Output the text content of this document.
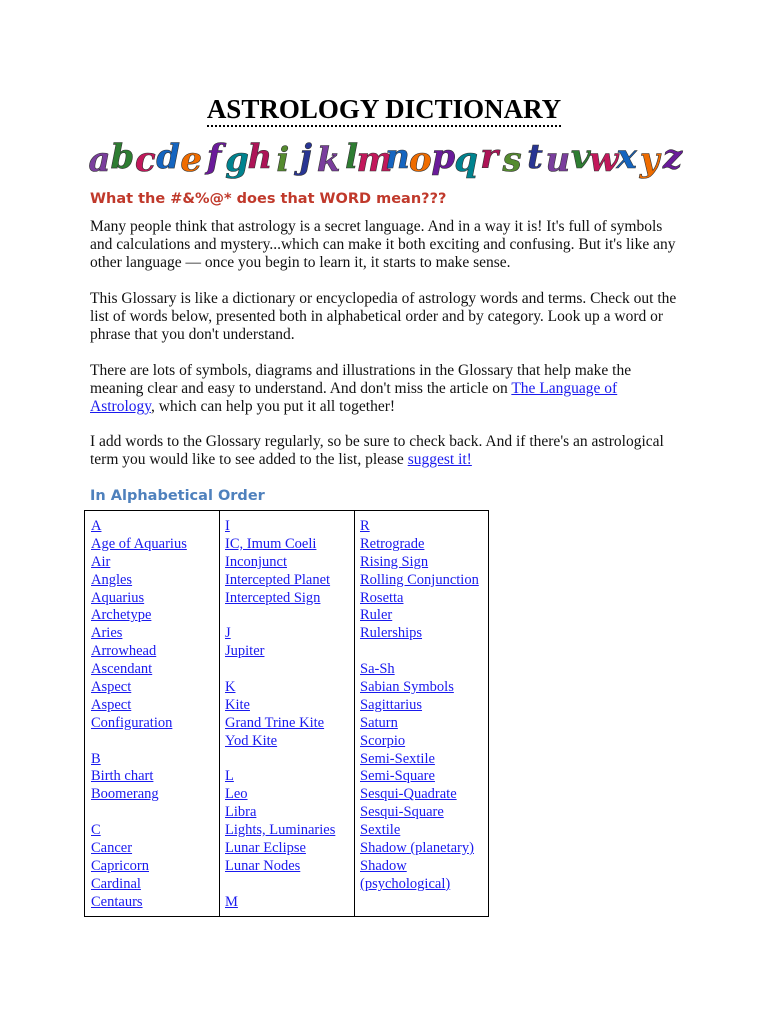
ASTROLOGY DICTIONARY
a b c d e f g
h i j k l
m
n o p q r s t u v
w
x y z
What the #&%@* does that WORD mean???
Many people think that astrology is a secret language. And in a way it is! It's full of symbols and calculations and mystery...which can make it both exciting and confusing. But it's like any other language — once you begin to learn it, it starts to make sense.
This Glossary is like a dictionary or encyclopedia of astrology words and terms. Check out the list of words below, presented both in alphabetical order and by category. Look up a word or phrase that you don't understand.
There are lots of symbols, diagrams and illustrations in the Glossary that help make the meaning clear and easy to understand. And don't miss the article on The Language of Astrology, which can help you put it all together!
I add words to the Glossary regularly, so be sure to check back. And if there's an astrological term you would like to see added to the list, please suggest it!
In Alphabetical Order
A
Age of Aquarius
Air
Angles
Aquarius
Archetype
Aries
Arrowhead
Ascendant
Aspect
Aspect
Configuration
B
Birth chart
Boomerang
C
Cancer
Capricorn
Cardinal
Centaurs
I
IC, Imum Coeli
Inconjunct
Intercepted Planet
Intercepted Sign
J
Jupiter
K
Kite
Grand Trine Kite
Yod Kite
L
Leo
Libra
Lights, Luminaries
Lunar Eclipse
Lunar Nodes
M
R
Retrograde
Rising Sign
Rolling Conjunction
Rosetta
Ruler
Rulerships
Sa-Sh
Sabian Symbols
Sagittarius
Saturn
Scorpio
Semi-Sextile
Semi-Square
Sesqui-Quadrate
Sesqui-Square
Sextile
Shadow (planetary)
Shadow
(psychological)
